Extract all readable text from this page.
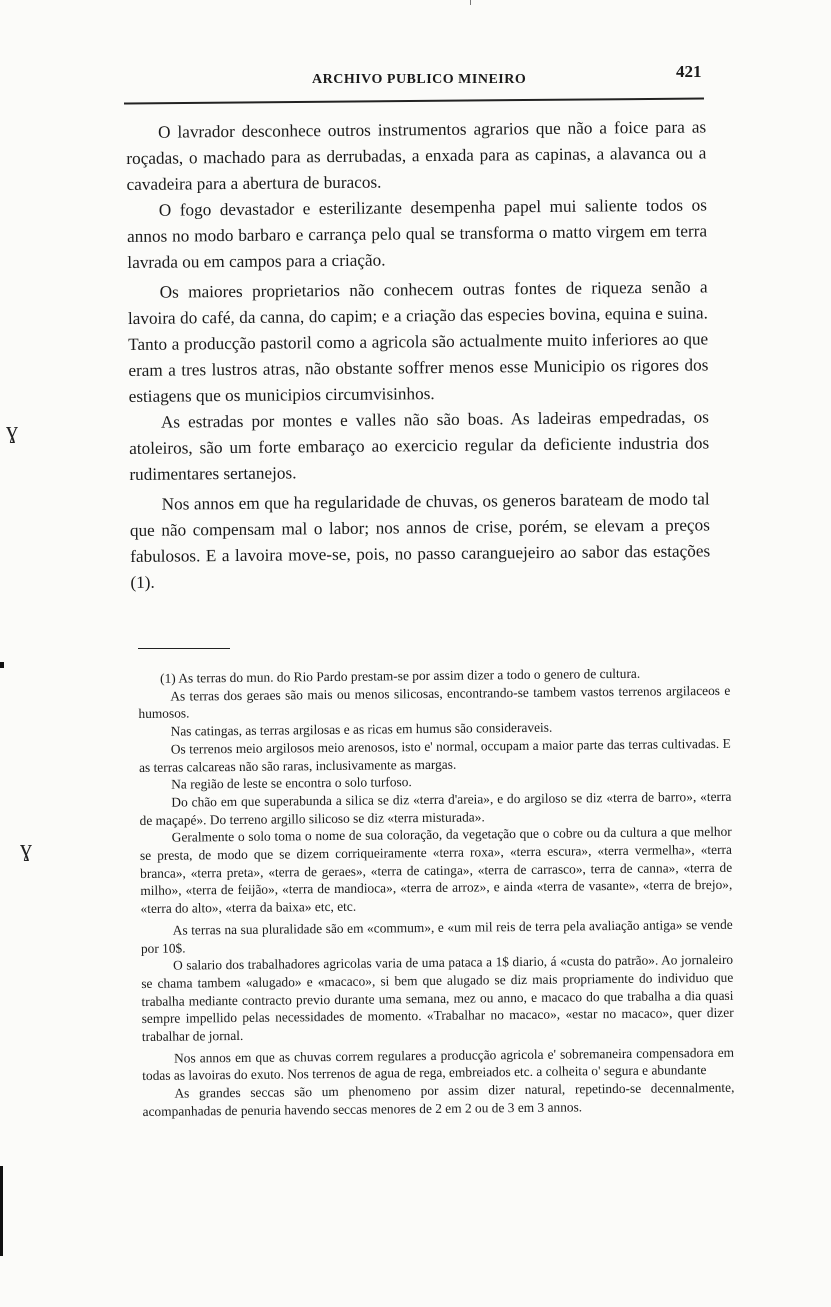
ARCHIVO PUBLICO MINEIRO	421

O lavrador desconhece outros instrumentos agrarios que não a foice para as roçadas, o machado para as derrubadas, a enxada para as capinas, a alavanca ou a cavadeira para a abertura de buracos.

O fogo devastador e esterilizante desempenha papel mui saliente todos os annos no modo barbaro e carrança pelo qual se transforma o matto virgem em terra lavrada ou em campos para a criação.

Os maiores proprietarios não conhecem outras fontes de riqueza senão a lavoira do café, da canna, do capim; e a criação das especies bovina, equina e suina. Tanto a producção pastoril como a agricola são actualmente muito inferiores ao que eram a tres lustros atras, não obstante soffrer menos esse Municipio os rigores dos estiagens que os municipios circumvisinhos.

As estradas por montes e valles não são boas. As ladeiras empedradas, os atoleiros, são um forte embaraço ao exercicio regular da deficiente industria dos rudimentares sertanejos.

Nos annos em que ha regularidade de chuvas, os generos barateam de modo tal que não compensam mal o labor; nos annos de crise, porém, se elevam a preços fabulosos. E a lavoira move-se, pois, no passo caranguejeiro ao sabor das estações (1).

ɣ

(1) As terras do mun. do Rio Pardo prestam-se por assim dizer a todo o genero de cultura.

As terras dos geraes são mais ou menos silicosas, encontrando-se tambem vastos terrenos argilaceos e humosos.

Nas catingas, as terras argilosas e as ricas em humus são consideraveis.

Os terrenos meio argilosos meio arenosos, isto e' normal, occupam a maior parte das terras cultivadas. E as terras calcareas não são raras, inclusivamente as margas.

Na região de leste se encontra o solo turfoso.

Do chão em que superabunda a silica se diz «terra d'areia», e do argiloso se diz «terra de barro», «terra de maçapé». Do terreno argillo silicoso se diz «terra misturada».

Geralmente o solo toma o nome de sua coloração, da vegetação que o cobre ou da cultura a que melhor se presta, de modo que se dizem corriqueiramente «terra roxa», «terra escura», «terra vermelha», «terra branca», «terra preta», «terra de geraes», «terra de catinga», «terra de carrasco», terra de canna», «terra de milho», «terra de feijão», «terra de mandioca», «terra de arroz», e ainda «terra de vasante», «terra de brejo», «terra do alto», «terra da baixa» etc, etc.

As terras na sua pluralidade são em «commum», e «um mil reis de terra pela avaliação antiga» se vende por 10$.

O salario dos trabalhadores agricolas varia de uma pataca a 1$ diario, á «custa do patrão». Ao jornaleiro se chama tambem «alugado» e «macaco», si bem que alugado se diz mais propriamente do individuo que trabalha mediante contracto previo durante uma semana, mez ou anno, e macaco do que trabalha a dia quasi sempre impellido pelas necessidades de momento. «Trabalhar no macaco», «estar no macaco», quer dizer trabalhar de jornal.

Nos annos em que as chuvas correm regulares a producção agricola e' sobremaneira compensadora em todas as lavoiras do exuto. Nos terrenos de agua de rega, embreiados etc. a colheita o' segura e abundante

As grandes seccas são um phenomeno por assim dizer natural, repetindo-se decennalmente, acompanhadas de penuria havendo seccas menores de 2 em 2 ou de 3 em 3 annos.

ɣ
